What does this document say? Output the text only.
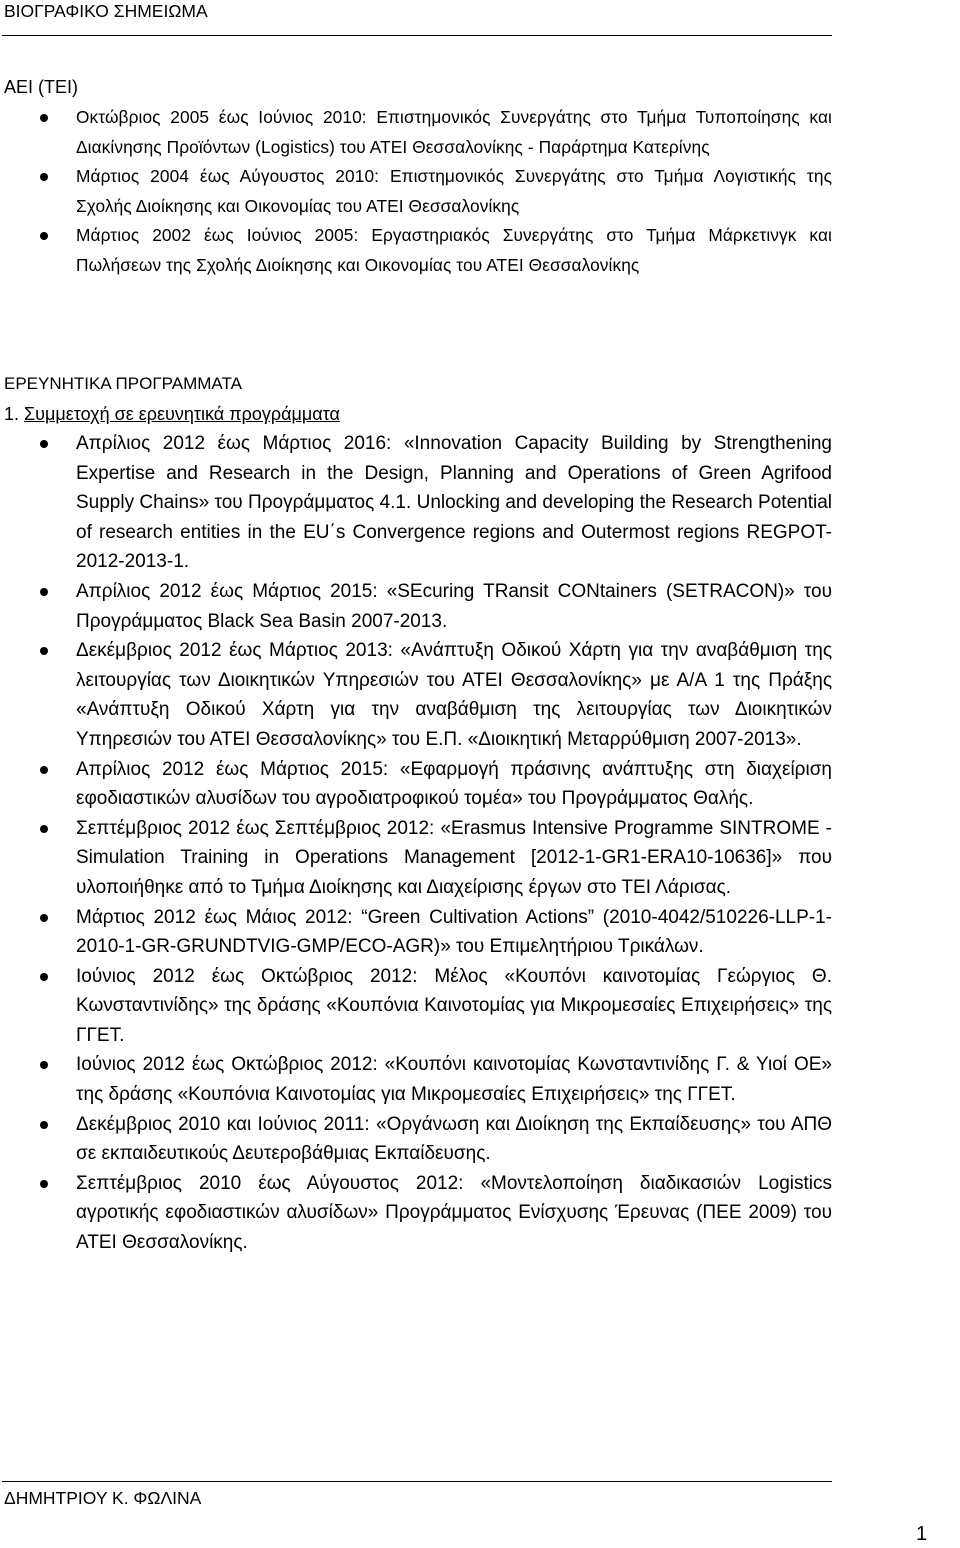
ΒΙΟΓΡΑΦΙΚΟ ΣΗΜΕΙΩΜΑ
ΑΕΙ (ΤΕΙ)
Οκτώβριος 2005 έως Ιούνιος 2010: Επιστημονικός Συνεργάτης στο Τμήμα Τυποποίησης και Διακίνησης Προϊόντων (Logistics) του ΑΤΕΙ Θεσσαλονίκης - Παράρτημα Κατερίνης
Μάρτιος 2004 έως Αύγουστος 2010: Επιστημονικός Συνεργάτης στο Τμήμα Λογιστικής της Σχολής Διοίκησης και Οικονομίας του ΑΤΕΙ Θεσσαλονίκης
Μάρτιος 2002 έως Ιούνιος 2005: Εργαστηριακός Συνεργάτης στο Τμήμα Μάρκετινγκ και Πωλήσεων της Σχολής Διοίκησης και Οικονομίας του ΑΤΕΙ Θεσσαλονίκης
ΕΡΕΥΝΗΤΙΚΑ ΠΡΟΓΡΑΜΜΑΤΑ
1. Συμμετοχή σε ερευνητικά προγράμματα
Απρίλιος 2012 έως Μάρτιος 2016: «Innovation Capacity Building by Strengthening Expertise and Research in the Design, Planning and Operations of Green Agrifood Supply Chains» του Προγράμματος 4.1. Unlocking and developing the Research Potential of research entities in the EU΄s Convergence regions and Outermost regions REGPOT-2012-2013-1.
Απρίλιος 2012 έως Μάρτιος 2015: «SEcuring TRansit CONtainers (SETRACON)» του Προγράμματος Black Sea Basin 2007-2013.
Δεκέμβριος 2012 έως Μάρτιος 2013: «Ανάπτυξη Οδικού Χάρτη για την αναβάθμιση της λειτουργίας των Διοικητικών Υπηρεσιών του ΑΤΕΙ Θεσσαλονίκης» με Α/Α 1 της Πράξης «Ανάπτυξη Οδικού Χάρτη για την αναβάθμιση της λειτουργίας των Διοικητικών Υπηρεσιών του ΑΤΕΙ Θεσσαλονίκης» του Ε.Π. «Διοικητική Μεταρρύθμιση 2007-2013».
Απρίλιος 2012 έως Μάρτιος 2015: «Εφαρμογή πράσινης ανάπτυξης στη διαχείριση εφοδιαστικών αλυσίδων του αγροδιατροφικού τομέα» του Προγράμματος Θαλής.
Σεπτέμβριος 2012 έως Σεπτέμβριος 2012: «Erasmus Intensive Programme SINTROME - Simulation Training in Operations Management [2012-1-GR1-ERA10-10636]» που υλοποιήθηκε από το Τμήμα Διοίκησης και Διαχείρισης έργων στο ΤΕΙ Λάρισας.
Μάρτιος 2012 έως Μάιος 2012: “Green Cultivation Actions” (2010-4042/510226-LLP-1-2010-1-GR-GRUNDTVIG-GMP/ECO-AGR)» του Επιμελητήριου Τρικάλων.
Ιούνιος 2012 έως Οκτώβριος 2012: Μέλος «Κουπόνι καινοτομίας Γεώργιος Θ. Κωνσταντινίδης» της δράσης «Κουπόνια Καινοτομίας για Μικρομεσαίες Επιχειρήσεις» της ΓΓΕΤ.
Ιούνιος 2012 έως Οκτώβριος 2012: «Κουπόνι καινοτομίας Κωνσταντινίδης Γ. & Υιοί ΟΕ» της δράσης «Κουπόνια Καινοτομίας για Μικρομεσαίες Επιχειρήσεις» της ΓΓΕΤ.
Δεκέμβριος 2010 και Ιούνιος 2011: «Οργάνωση και Διοίκηση της Εκπαίδευσης» του ΑΠΘ σε εκπαιδευτικούς Δευτεροβάθμιας Εκπαίδευσης.
Σεπτέμβριος 2010 έως Αύγουστος 2012: «Μοντελοποίηση διαδικασιών Logistics αγροτικής εφοδιαστικών αλυσίδων» Προγράμματος Ενίσχυσης Έρευνας (ΠΕΕ 2009) του ΑΤΕΙ Θεσσαλονίκης.
ΔΗΜΗΤΡΙΟΥ Κ. ΦΩΛΙΝΑ
1
